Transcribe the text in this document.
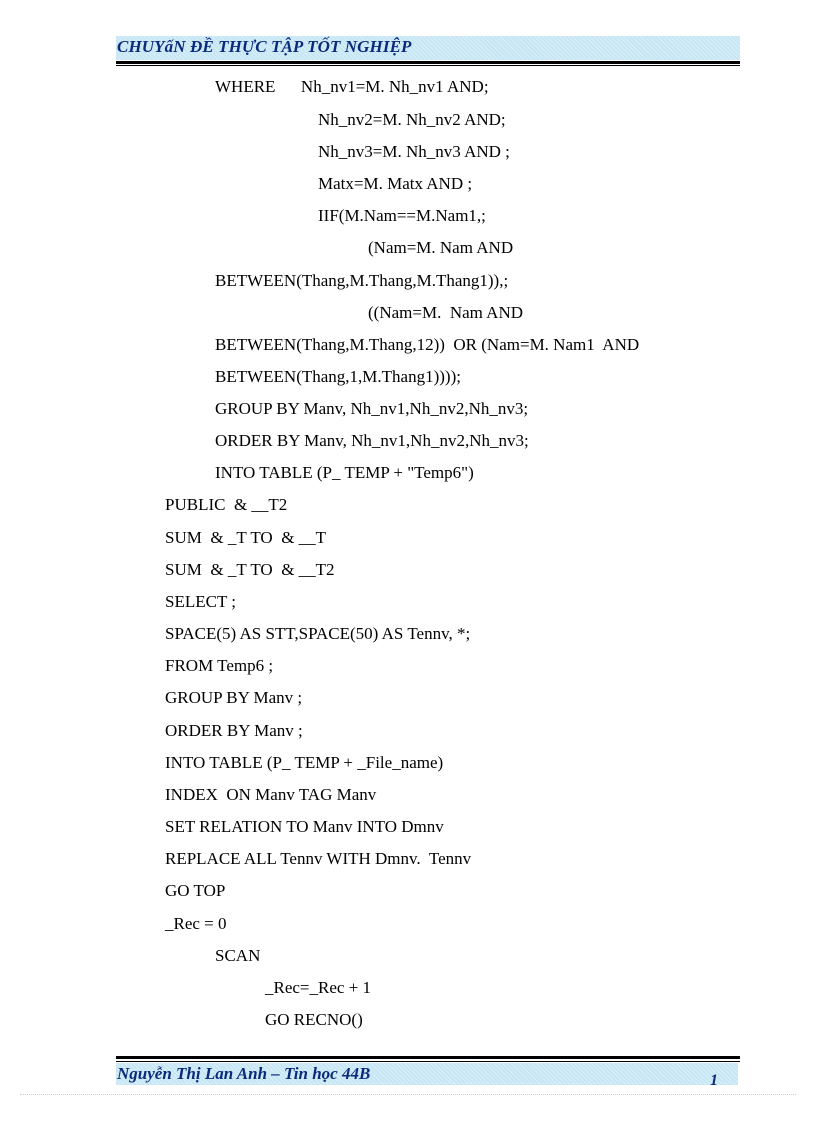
CHUYấN ĐỀ THỰC TẬP TỐT NGHIỆP
WHERE      Nh_nv1=M. Nh_nv1 AND;
Nh_nv2=M. Nh_nv2 AND;
Nh_nv3=M. Nh_nv3 AND ;
Matx=M. Matx AND ;
IIF(M.Nam==M.Nam1,;
(Nam=M. Nam AND
BETWEEN(Thang,M.Thang,M.Thang1)),;
((Nam=M.  Nam AND
BETWEEN(Thang,M.Thang,12))  OR (Nam=M. Nam1  AND
BETWEEN(Thang,1,M.Thang1))));
GROUP BY Manv, Nh_nv1,Nh_nv2,Nh_nv3;
ORDER BY Manv, Nh_nv1,Nh_nv2,Nh_nv3;
INTO TABLE (P_ TEMP + "Temp6")
PUBLIC  & __T2
SUM  & _T TO  & __T
SUM  & _T TO  & __T2
SELECT ;
SPACE(5) AS STT,SPACE(50) AS Tennv, *;
FROM Temp6 ;
GROUP BY Manv ;
ORDER BY Manv ;
INTO TABLE (P_ TEMP + _File_name)
INDEX  ON Manv TAG Manv
SET RELATION TO Manv INTO Dmnv
REPLACE ALL Tennv WITH Dmnv.  Tennv
GO TOP
_Rec = 0
SCAN
_Rec=_Rec + 1
GO RECNO()
Nguyễn Thị Lan Anh – Tin học 44B	1
